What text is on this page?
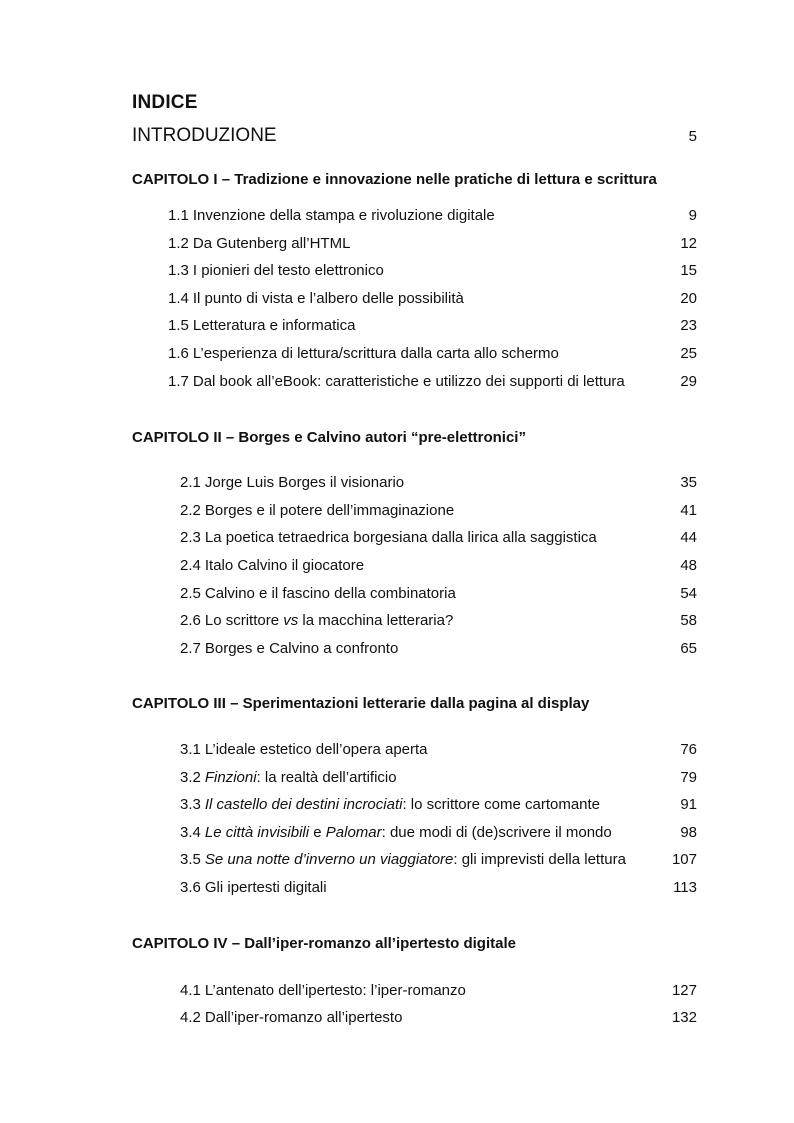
INDICE
INTRODUZIONE	5
CAPITOLO I – Tradizione e innovazione nelle pratiche di lettura e scrittura
1.1 Invenzione della stampa e rivoluzione digitale	9
1.2 Da Gutenberg all’HTML	12
1.3 I pionieri del testo elettronico	15
1.4 Il punto di vista e l’albero delle possibilità	20
1.5 Letteratura e informatica	23
1.6 L’esperienza di lettura/scrittura dalla carta allo schermo	25
1.7 Dal book all’eBook: caratteristiche e utilizzo dei supporti di lettura	29
CAPITOLO II – Borges e Calvino autori “pre-elettronici”
2.1 Jorge Luis Borges il visionario	35
2.2 Borges e il potere dell’immaginazione	41
2.3 La poetica tetraedrica borgesiana dalla lirica alla saggistica	44
2.4 Italo Calvino il giocatore	48
2.5 Calvino e il fascino della combinatoria	54
2.6 Lo scrittore vs la macchina letteraria?	58
2.7 Borges e Calvino a confronto	65
CAPITOLO III – Sperimentazioni letterarie dalla pagina al display
3.1 L’ideale estetico dell’opera aperta	76
3.2 Finzioni: la realtà dell’artificio	79
3.3 Il castello dei destini incrociati: lo scrittore come cartomante	91
3.4 Le città invisibili e Palomar: due modi di (de)scrivere il mondo	98
3.5 Se una notte d’inverno un viaggiatore: gli imprevisti della lettura	107
3.6 Gli ipertesti digitali	113
CAPITOLO IV – Dall’iper-romanzo all’ipertesto digitale
4.1 L’antenato dell’ipertesto: l’iper-romanzo	127
4.2 Dall’iper-romanzo all’ipertesto	132
